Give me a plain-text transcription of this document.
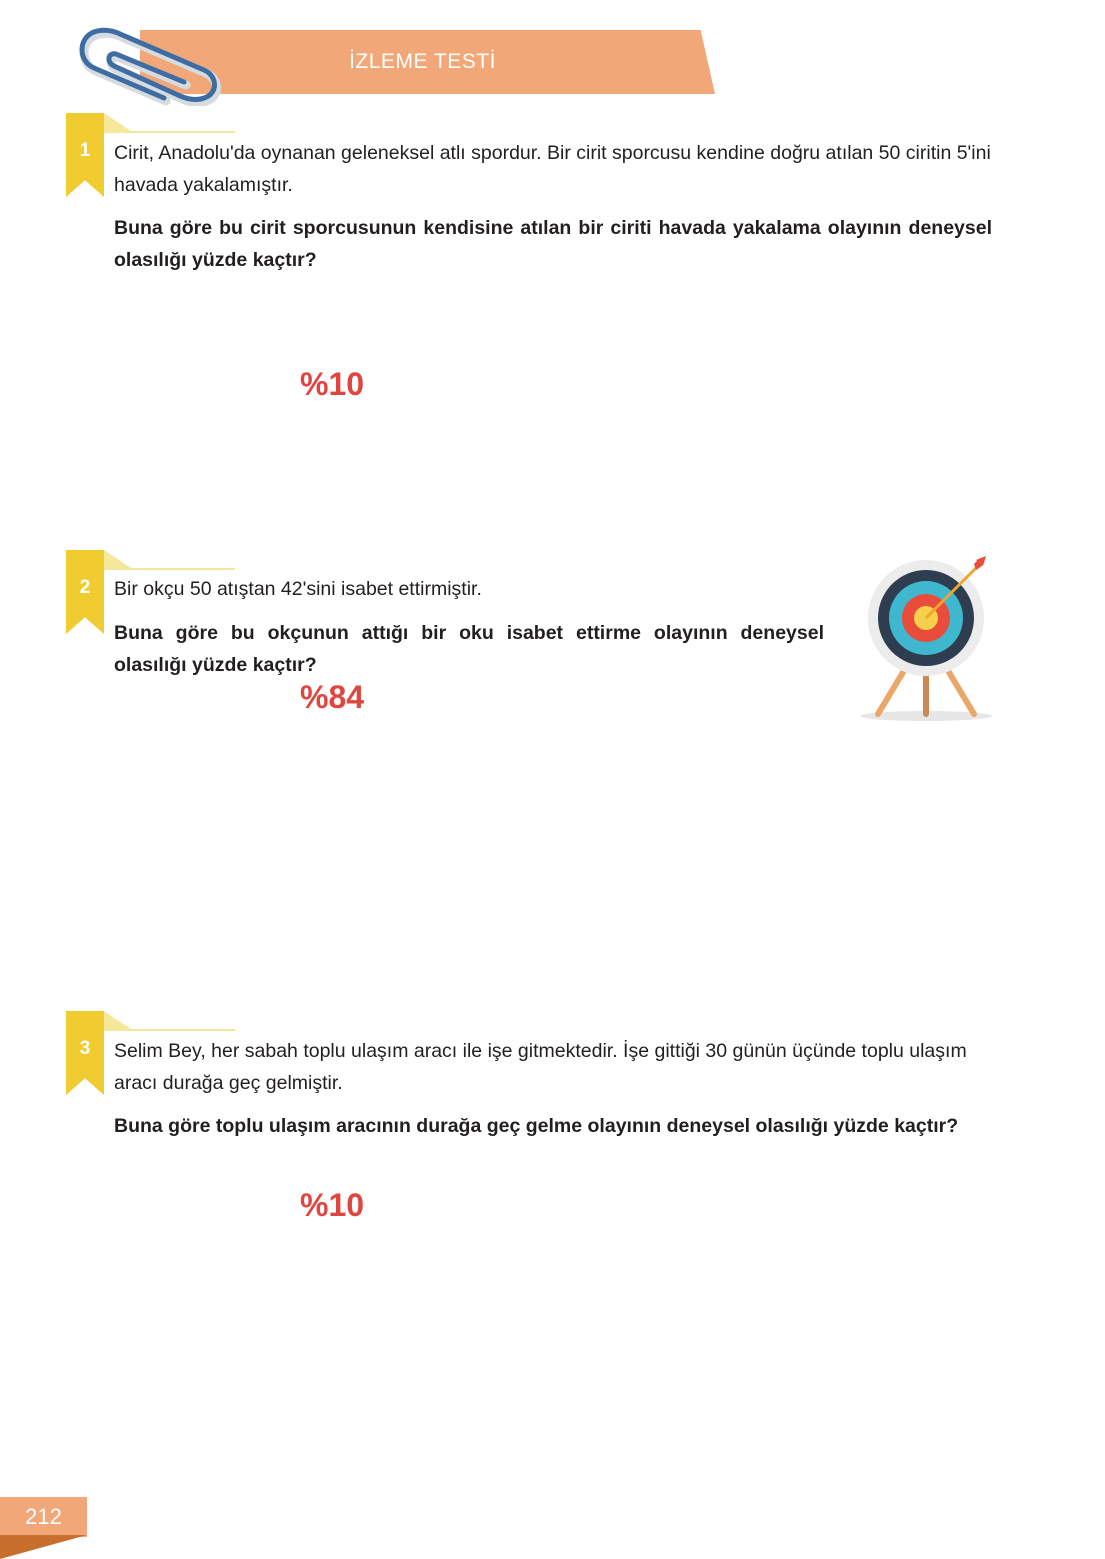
İZLEME TESTİ
1	Cirit, Anadolu'da oynanan geleneksel atlı spordur. Bir cirit sporcusu kendine doğru atılan 50 ciritin 5'ini havada yakalamıştır.
Buna göre bu cirit sporcusunun kendisine atılan bir ciriti havada yakalama olayının deneysel olasılığı yüzde kaçtır?
%10
2	Bir okçu 50 atıştan 42'sini isabet ettirmiştir.
Buna göre bu okçunun attığı bir oku isabet ettirme olayının deneysel olasılığı yüzde kaçtır?
%84
3	Selim Bey, her sabah toplu ulaşım aracı ile işe gitmektedir. İşe gittiği 30 günün üçünde toplu ulaşım aracı durağa geç gelmiştir.
Buna göre toplu ulaşım aracının durağa geç gelme olayının deneysel olasılığı yüzde kaçtır?
%10
212
